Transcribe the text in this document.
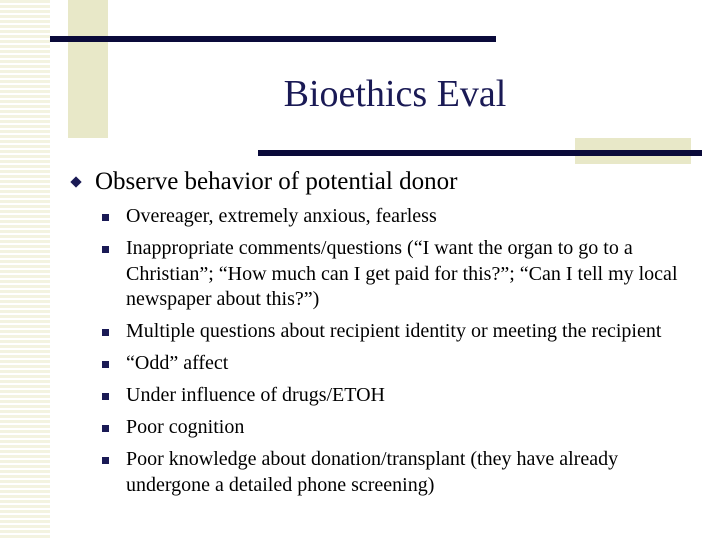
Bioethics Eval
Observe behavior of potential donor
Overeager, extremely anxious, fearless
Inappropriate comments/questions (“I want the organ to go to a Christian”; “How much can I get paid for this?”; “Can I tell my local newspaper about this?”)
Multiple questions about recipient identity or meeting the recipient
“Odd” affect
Under influence of drugs/ETOH
Poor cognition
Poor knowledge about donation/transplant (they have already undergone a detailed phone screening)
